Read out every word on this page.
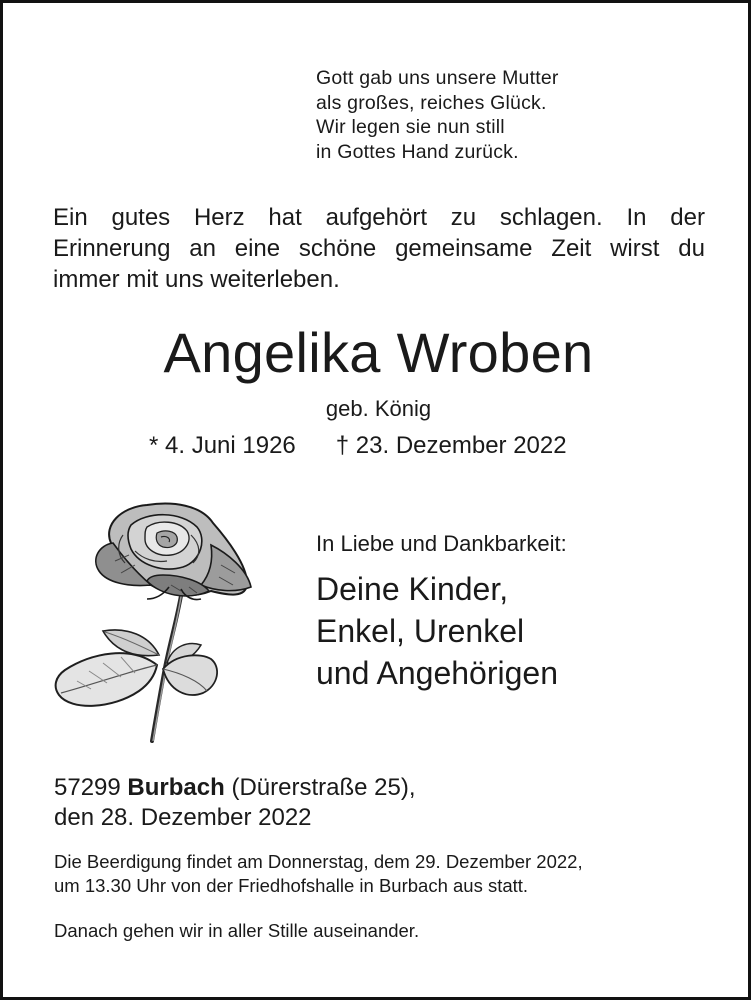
Gott gab uns unsere Mutter
als großes, reiches Glück.
Wir legen sie nun still
in Gottes Hand zurück.
Ein gutes Herz hat aufgehört zu schlagen. In der
Erinnerung an eine schöne gemeinsame Zeit wirst du
immer mit uns weiterleben.
Angelika Wroben
geb. König
* 4. Juni 1926 † 23. Dezember 2022
In Liebe und Dankbarkeit:
Deine Kinder,
Enkel, Urenkel
und Angehörigen
57299 Burbach (Dürerstraße 25),
den 28. Dezember 2022
Die Beerdigung findet am Donnerstag, dem 29. Dezember 2022,
um 13.30 Uhr von der Friedhofshalle in Burbach aus statt.
Danach gehen wir in aller Stille auseinander.
